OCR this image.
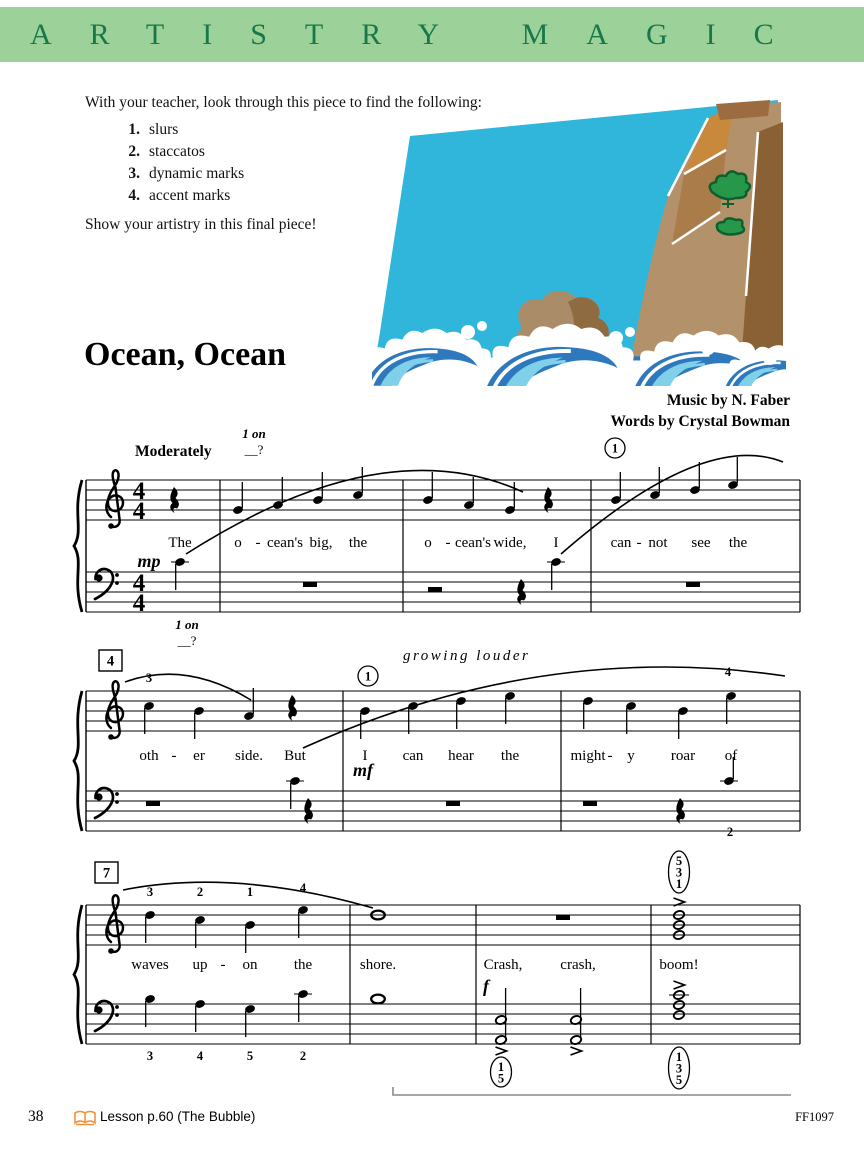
ARTISTRY MAGIC
With your teacher, look through this piece to find the following:
1. slurs
2. staccatos
3. dynamic marks
4. accent marks
Show your artistry in this final piece!
Ocean, Ocean
Music by N. Faber
Words by Crystal Bowman
4
4
4
4
The	o - cean's big, the	o - cean's wide, I	can - not see the
Moderately
1 on
__?
1 on
__?
mp
1
oth - er side. But	I can hear the	might - y roar of
growing louder
mf
3	4
2
1
4
waves up - on the	shore.	Crash,	crash,	boom!
f
3	2	1	4
3	4	5	2
7
1
5
5
3
1
1
3
5
38	Lesson p.60 (The Bubble)	FF1097
